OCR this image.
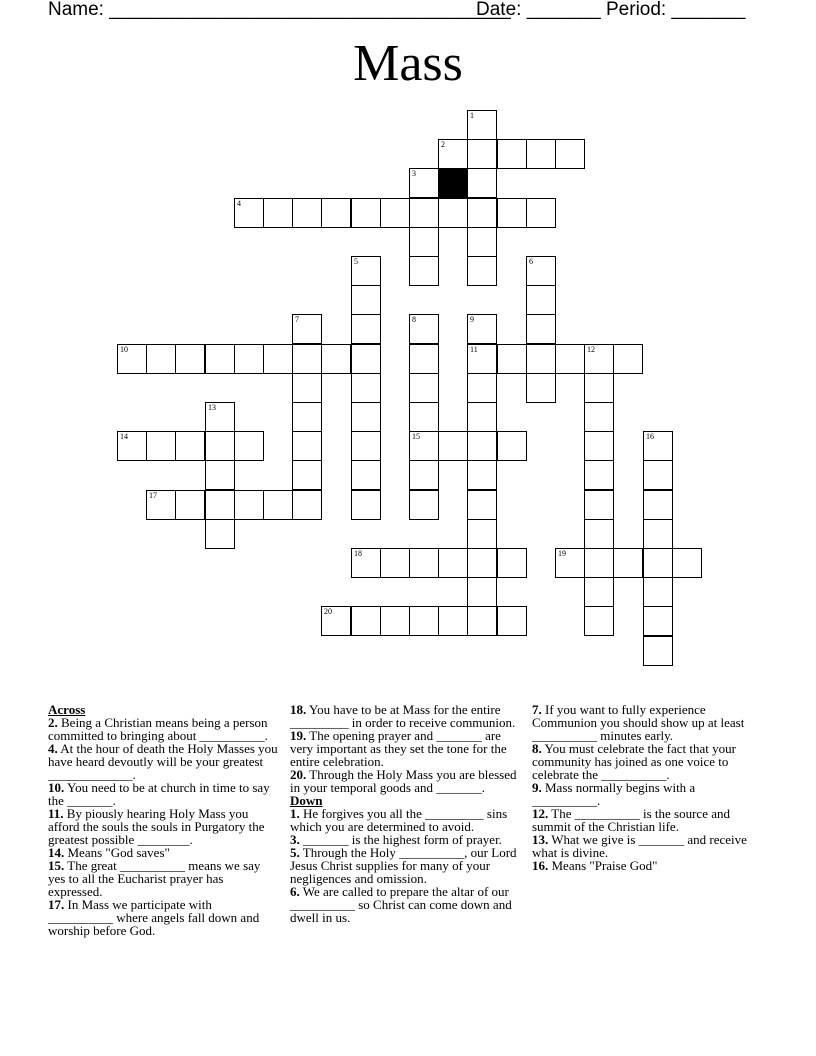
Name: ______________________________________
Date: _______ Period: _______
Mass
1
2
3
4
5	6
7	8
15
9
11
10	12
13
14	16
17
18	19
20
Across
2. Being a Christian means being a person committed to bringing about __________.
4. At the hour of death the Holy Masses you have heard devoutly will be your greatest _____________.
10. You need to be at church in time to say the _______.
11. By piously hearing Holy Mass you afford the souls the souls in Purgatory the greatest possible ________.
14. Means "God saves"
15. The great __________ means we say yes to all the Eucharist prayer has expressed.
17. In Mass we participate with __________ where angels fall down and worship before God.
18. You have to be at Mass for the entire _________ in order to receive communion.
19. The opening prayer and _______ are very important as they set the tone for the entire celebration.
20. Through the Holy Mass you are blessed in your temporal goods and _______.
Down
1. He forgives you all the _________ sins which you are determined to avoid.
3. _______ is the highest form of prayer.
5. Through the Holy __________, our Lord Jesus Christ supplies for many of your negligences and omission.
6. We are called to prepare the altar of our __________ so Christ can come down and dwell in us.
7. If you want to fully experience Communion you should show up at least __________ minutes early.
8. You must celebrate the fact that your community has joined as one voice to celebrate the __________.
9. Mass normally begins with a __________.
12. The __________ is the source and summit of the Christian life.
13. What we give is _______ and receive what is divine.
16. Means "Praise God"
